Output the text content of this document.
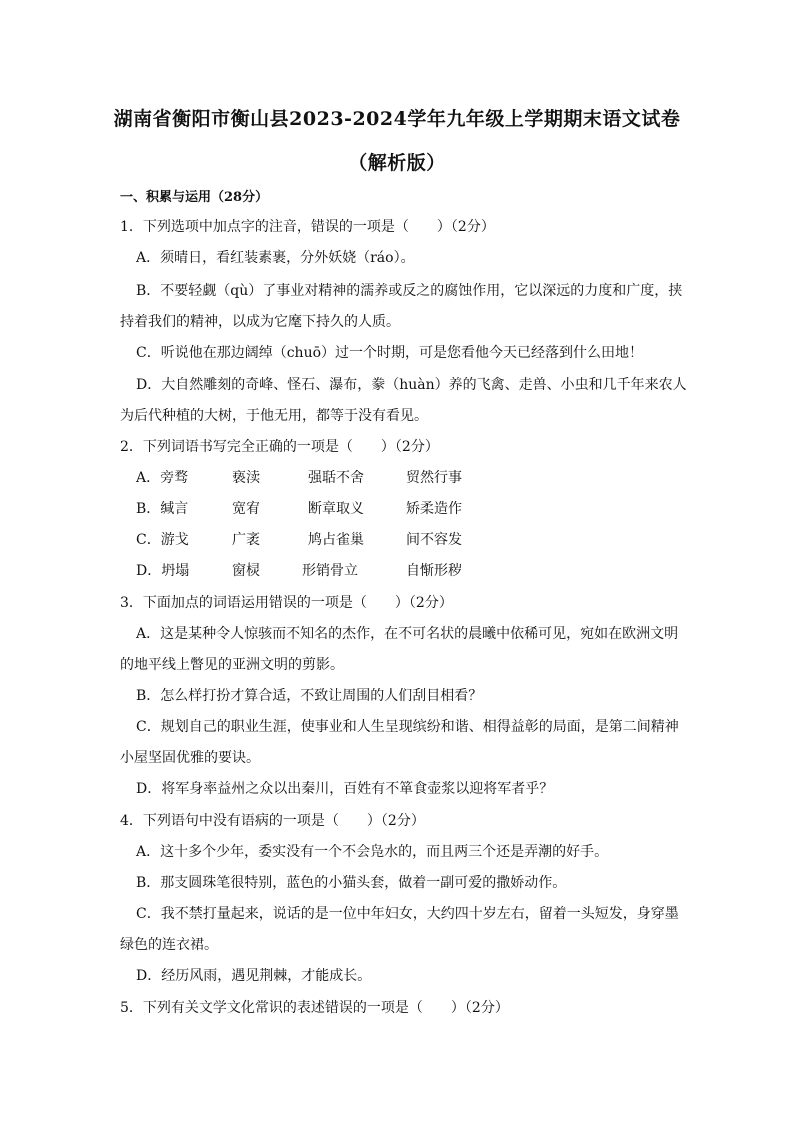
湖南省衡阳市衡山县2023-2024学年九年级上学期期末语文试卷
（解析版）
一、积累与运用（28分）
1．下列选项中加点字的注音，错误的一项是（　　）（2分）
A．须晴日，看红装素裹，分外妖娆（ráo）。
B．不要轻觑（qù）了事业对精神的濡养或反之的腐蚀作用，它以深远的力度和广度，挟
持着我们的精神，以成为它麾下持久的人质。
C．听说他在那边阔绰（chuō）过一个时期，可是您看他今天已经落到什么田地！
D．大自然雕刻的奇峰、怪石、瀑布，豢（huàn）养的飞禽、走兽、小虫和几千年来农人
为后代种植的大树，于他无用，都等于没有看见。
2．下列词语书写完全正确的一项是（　　）（2分）
A．旁骛	亵渎	强聒不舍	贸然行事
B．缄言	宽宥	断章取义	矫柔造作
C．游戈	广袤	鸠占雀巢	间不容发
D．坍塌	窗棂	形销骨立	自惭形秽
3．下面加点的词语运用错误的一项是（　　）（2分）
A．这是某种令人惊骇而不知名的杰作，在不可名状的晨曦中依稀可见，宛如在欧洲文明
的地平线上瞥见的亚洲文明的剪影。
B．怎么样打扮才算合适，不致让周围的人们刮目相看？
C．规划自己的职业生涯，使事业和人生呈现缤纷和谐、相得益彰的局面，是第二间精神
小屋坚固优雅的要诀。
D．将军身率益州之众以出秦川，百姓有不箪食壶浆以迎将军者乎？
4．下列语句中没有语病的一项是（　　）（2分）
A．这十多个少年，委实没有一个不会凫水的，而且两三个还是弄潮的好手。
B．那支圆珠笔很特别，蓝色的小猫头套，做着一副可爱的撒娇动作。
C．我不禁打量起来，说话的是一位中年妇女，大约四十岁左右，留着一头短发，身穿墨
绿色的连衣裙。
D．经历风雨，遇见荆棘，才能成长。
5．下列有关文学文化常识的表述错误的一项是（　　）（2分）
